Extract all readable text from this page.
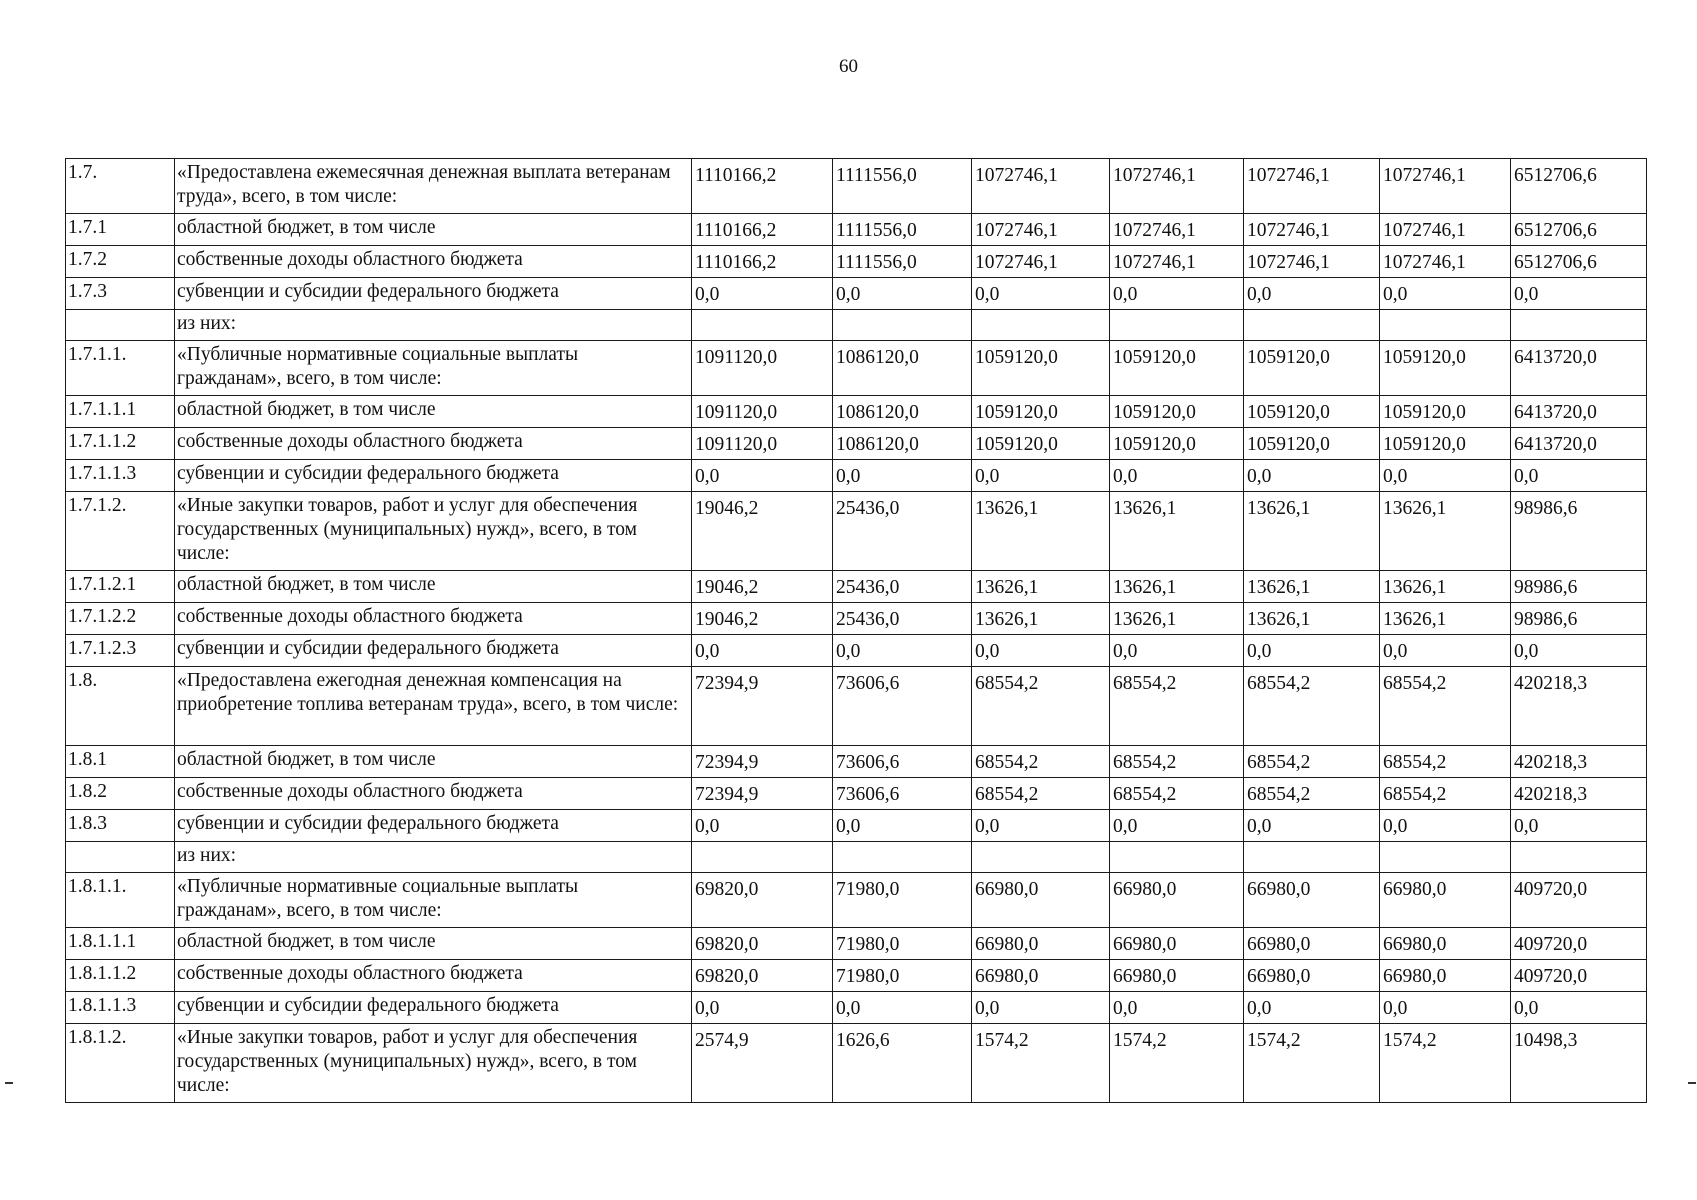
60
1.7.	«Предоставлена ежемесячная денежная выплата ветеранам труда», всего, в том числе:	1110166,2	1111556,0	1072746,1	1072746,1	1072746,1	1072746,1	6512706,6
1.7.1	областной бюджет, в том числе	1110166,2	1111556,0	1072746,1	1072746,1	1072746,1	1072746,1	6512706,6
1.7.2	собственные доходы областного бюджета	1110166,2	1111556,0	1072746,1	1072746,1	1072746,1	1072746,1	6512706,6
1.7.3	субвенции и субсидии федерального бюджета	0,0	0,0	0,0	0,0	0,0	0,0	0,0
	из них:							
1.7.1.1.	«Публичные нормативные социальные выплаты гражданам», всего, в том числе:	1091120,0	1086120,0	1059120,0	1059120,0	1059120,0	1059120,0	6413720,0
1.7.1.1.1	областной бюджет, в том числе	1091120,0	1086120,0	1059120,0	1059120,0	1059120,0	1059120,0	6413720,0
1.7.1.1.2	собственные доходы областного бюджета	1091120,0	1086120,0	1059120,0	1059120,0	1059120,0	1059120,0	6413720,0
1.7.1.1.3	субвенции и субсидии федерального бюджета	0,0	0,0	0,0	0,0	0,0	0,0	0,0
1.7.1.2.	«Иные закупки товаров, работ и услуг для обеспечения государственных (муниципальных) нужд», всего, в том числе:	19046,2	25436,0	13626,1	13626,1	13626,1	13626,1	98986,6
1.7.1.2.1	областной бюджет, в том числе	19046,2	25436,0	13626,1	13626,1	13626,1	13626,1	98986,6
1.7.1.2.2	собственные доходы областного бюджета	19046,2	25436,0	13626,1	13626,1	13626,1	13626,1	98986,6
1.7.1.2.3	субвенции и субсидии федерального бюджета	0,0	0,0	0,0	0,0	0,0	0,0	0,0
1.8.	«Предоставлена ежегодная денежная компенсация на приобретение топлива ветеранам труда», всего, в том числе:	72394,9	73606,6	68554,2	68554,2	68554,2	68554,2	420218,3
1.8.1	областной бюджет, в том числе	72394,9	73606,6	68554,2	68554,2	68554,2	68554,2	420218,3
1.8.2	собственные доходы областного бюджета	72394,9	73606,6	68554,2	68554,2	68554,2	68554,2	420218,3
1.8.3	субвенции и субсидии федерального бюджета	0,0	0,0	0,0	0,0	0,0	0,0	0,0
	из них:							
1.8.1.1.	«Публичные нормативные социальные выплаты гражданам», всего, в том числе:	69820,0	71980,0	66980,0	66980,0	66980,0	66980,0	409720,0
1.8.1.1.1	областной бюджет, в том числе	69820,0	71980,0	66980,0	66980,0	66980,0	66980,0	409720,0
1.8.1.1.2	собственные доходы областного бюджета	69820,0	71980,0	66980,0	66980,0	66980,0	66980,0	409720,0
1.8.1.1.3	субвенции и субсидии федерального бюджета	0,0	0,0	0,0	0,0	0,0	0,0	0,0
1.8.1.2.	«Иные закупки товаров, работ и услуг для обеспечения государственных (муниципальных) нужд», всего, в том числе:	2574,9	1626,6	1574,2	1574,2	1574,2	1574,2	10498,3
